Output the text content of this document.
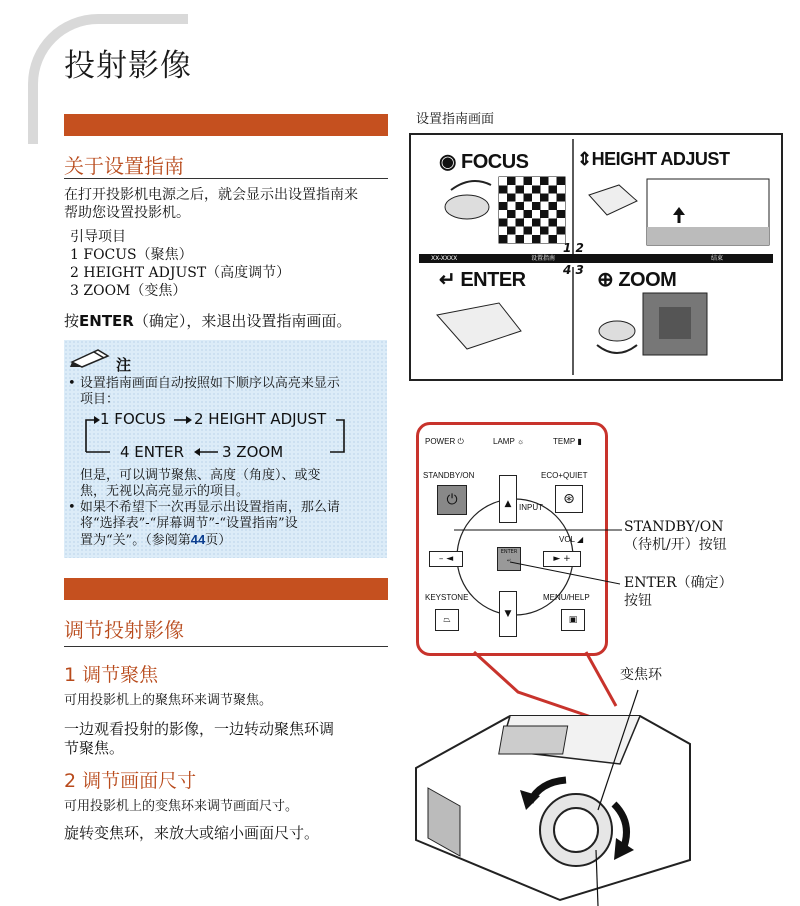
投射影像
关于设置指南
在打开投影机电源之后，就会显示出设置指南来
帮助您设置投影机。
引导项目
1 FOCUS（聚焦）
2 HEIGHT ADJUST（高度调节）
3 ZOOM（变焦）
按ENTER（确定），来退出设置指南画面。
注
• 设置指南画面自动按照如下顺序以高亮来显示
项目：
1 FOCUS 2 HEIGHT ADJUST
4 ENTER	3 ZOOM
但是，可以调节聚焦、高度（角度）、或变
焦，无视以高亮显示的项目。
• 如果不希望下一次再显示出设置指南，那么请
将“选择表”-“屏幕调节”-“设置指南”设
置为“关”。（参阅第44页）
调节投射影像
1 调节聚焦
可用投影机上的聚焦环来调节聚焦。
一边观看投射的影像，一边转动聚焦环调
节聚焦。
2 调节画面尺寸
可用投影机上的变焦环来调节画面尺寸。
旋转变焦环，来放大或缩小画面尺寸。
设置指南画面
◉ FOCUS	⇕HEIGHT ADJUST
XX-XXXX	设置指南	结束
1 2
4 3
↵ ENTER	⊕ ZOOM
POWER ⏻	LAMP ☼	TEMP ▮
STANDBY/ON	ECO+QUIET
⏻	⊛
▲ INPUT
– ◄
VOL ◢
► +
ENTER
↵
KEYSTONE	MENU/HELP
⏢
▼
▣
STANDBY/ON
（待机/开）按钮
ENTER（确定）
按钮
变焦环
